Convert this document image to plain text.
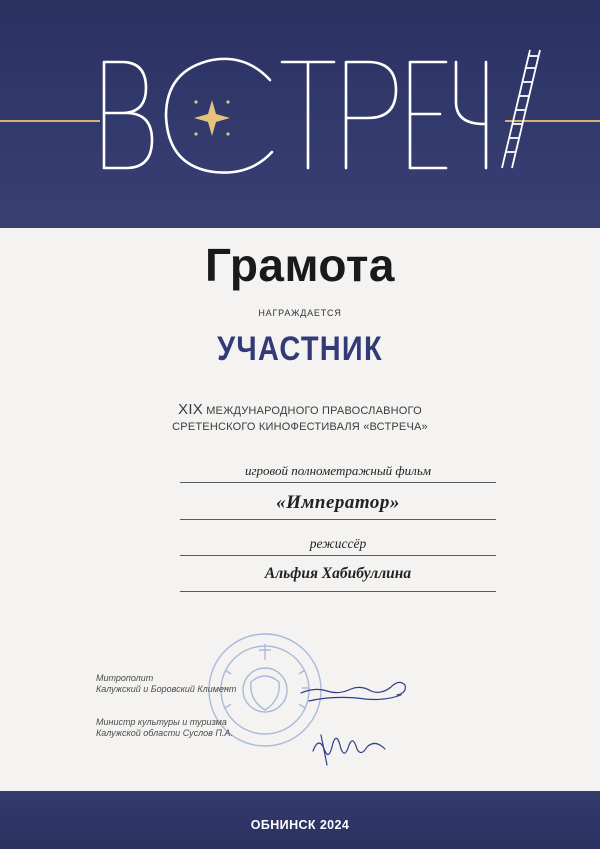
Грамота
НАГРАЖДАЕТСЯ
УЧАСТНИК
XIX МЕЖДУНАРОДНОГО ПРАВОСЛАВНОГО
СРЕТЕНСКОГО КИНОФЕСТИВАЛЯ «ВСТРЕЧА»
игровой полнометражный фильм
«Император»
режиссёр
Альфия Хабибуллина
Митрополит
Калужский и Боровский Климент
Министр культуры и туризма
Калужской области Суслов П.А.
ОБНИНСК 2024
